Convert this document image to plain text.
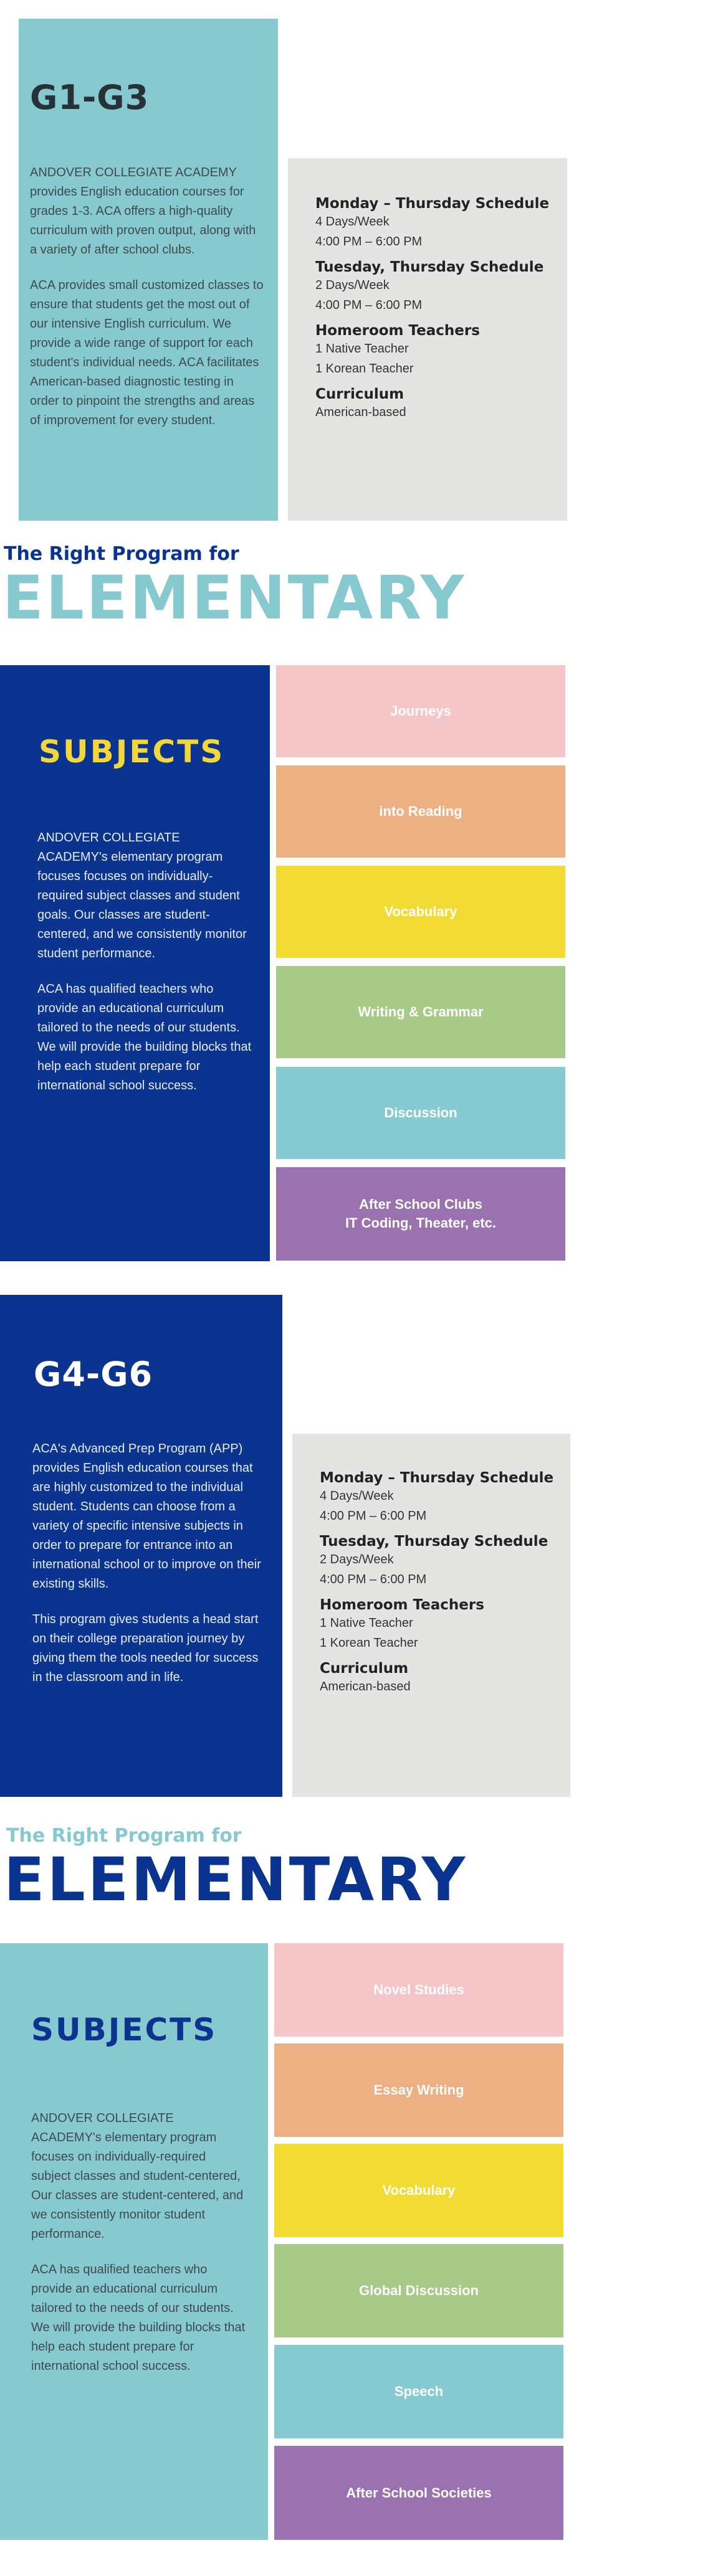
G1-G3

ANDOVER COLLEGIATE ACADEMY provides English education courses for grades 1-3. ACA offers a high-quality curriculum with proven output, along with a variety of after school clubs.

ACA provides small customized classes to ensure that students get the most out of our intensive English curriculum. We provide a wide range of support for each student's individual needs. ACA facilitates American-based diagnostic testing in order to pinpoint the strengths and areas of improvement for every student.

Monday – Thursday Schedule

4 Days/Week

4:00 PM – 6:00 PM

Tuesday, Thursday Schedule

2 Days/Week

4:00 PM – 6:00 PM

Homeroom Teachers

1 Native Teacher

1 Korean Teacher

Curriculum

American-based

The Right Program for
ELEMENTARY
SUBJECTS

ANDOVER COLLEGIATE ACADEMY's elementary program focuses focuses on individually-required subject classes and student goals. Our classes are student-centered, and we consistently monitor student performance.

ACA has qualified teachers who provide an educational curriculum tailored to the needs of our students. We will provide the building blocks that help each student prepare for international school success.

Journeys
into Reading
Vocabulary
Writing & Grammar
Discussion
After School Clubs
IT Coding, Theater, etc.
G4-G6

ACA's Advanced Prep Program (APP) provides English education courses that are highly customized to the individual student. Students can choose from a variety of specific intensive subjects in order to prepare for entrance into an international school or to improve on their existing skills.

This program gives students a head start on their college preparation journey by giving them the tools needed for success in the classroom and in life.

Monday – Thursday Schedule

4 Days/Week

4:00 PM – 6:00 PM

Tuesday, Thursday Schedule

2 Days/Week

4:00 PM – 6:00 PM

Homeroom Teachers

1 Native Teacher

1 Korean Teacher

Curriculum

American-based

The Right Program for
ELEMENTARY
SUBJECTS

ANDOVER COLLEGIATE ACADEMY's elementary program focuses on individually-required subject classes and student-centered, Our classes are student-centered, and we consistently monitor student performance.

ACA has qualified teachers who provide an educational curriculum tailored to the needs of our students. We will provide the building blocks that help each student prepare for international school success.

Novel Studies
Essay Writing
Vocabulary
Global Discussion
Speech
After School Societies
